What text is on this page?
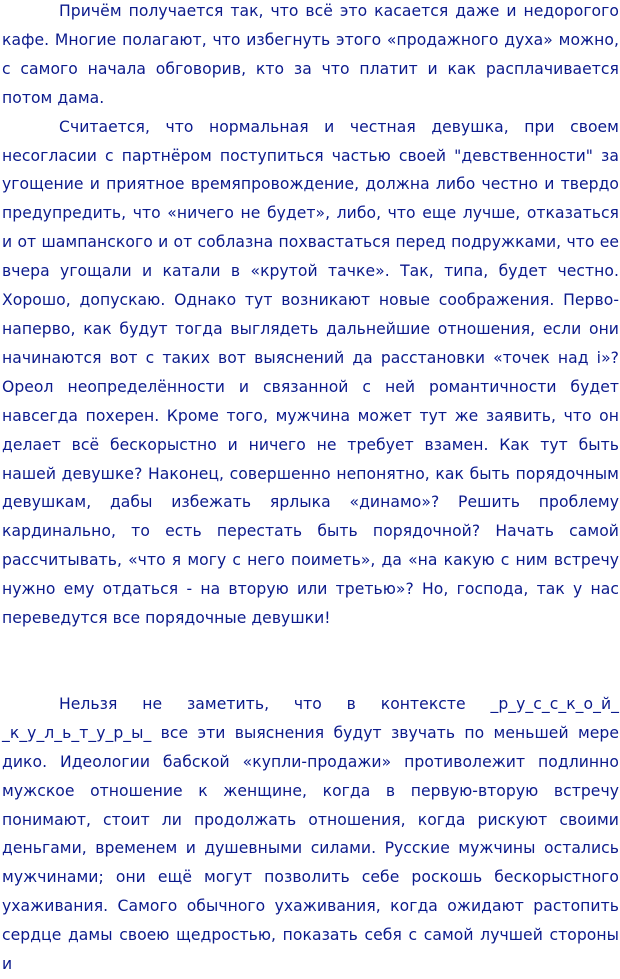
Причём получается так, что всё это касается даже и недорогого кафе. Многие полагают, что избегнуть этого «продажного духа» можно, с самого начала обговорив, кто за что платит и как расплачивается потом дама.

Считается, что нормальная и честная девушка, при своем несогласии с партнёром поступиться частью своей "девственности" за угощение и приятное времяпровождение, должна либо честно и твердо предупредить, что «ничего не будет», либо, что еще лучше, отказаться и от шампанского и от соблазна похвастаться перед подружками, что ее вчера угощали и катали в «крутой тачке». Так, типа, будет честно. Хорошо, допускаю. Однако тут возникают новые соображения. Перво-наперво, как будут тогда выглядеть дальнейшие отношения, если они начинаются вот с таких вот выяснений да расстановки «точек над i»? Ореол неопределённости и связанной с ней романтичности будет навсегда похерен. Кроме того, мужчина может тут же заявить, что он делает всё бескорыстно и ничего не требует взамен. Как тут быть нашей девушке? Наконец, совершенно непонятно, как быть порядочным девушкам, дабы избежать ярлыка «динамо»? Решить проблему кардинально, то есть перестать быть порядочной? Начать самой рассчитывать, «что я могу с него поиметь», да «на какую с ним встречу нужно ему отдаться - на вторую или третью»? Но, господа, так у нас переведутся все порядочные девушки!

Нельзя не заметить, что в контексте _р_у_с_с_к_о_й_ _к_у_л_ь_т_у_р_ы_ все эти выяснения будут звучать по меньшей мере дико. Идеологии бабской «купли-продажи» противолежит подлинно мужское отношение к женщине, когда в первую-вторую встречу понимают, стоит ли продолжать отношения, когда рискуют своими деньгами, временем и душевными силами. Русские мужчины остались мужчинами; они ещё могут позволить себе роскошь бескорыстного ухаживания. Самого обычного ухаживания, когда ожидают растопить сердце дамы своею щедростью, показать себя с самой лучшей стороны и
